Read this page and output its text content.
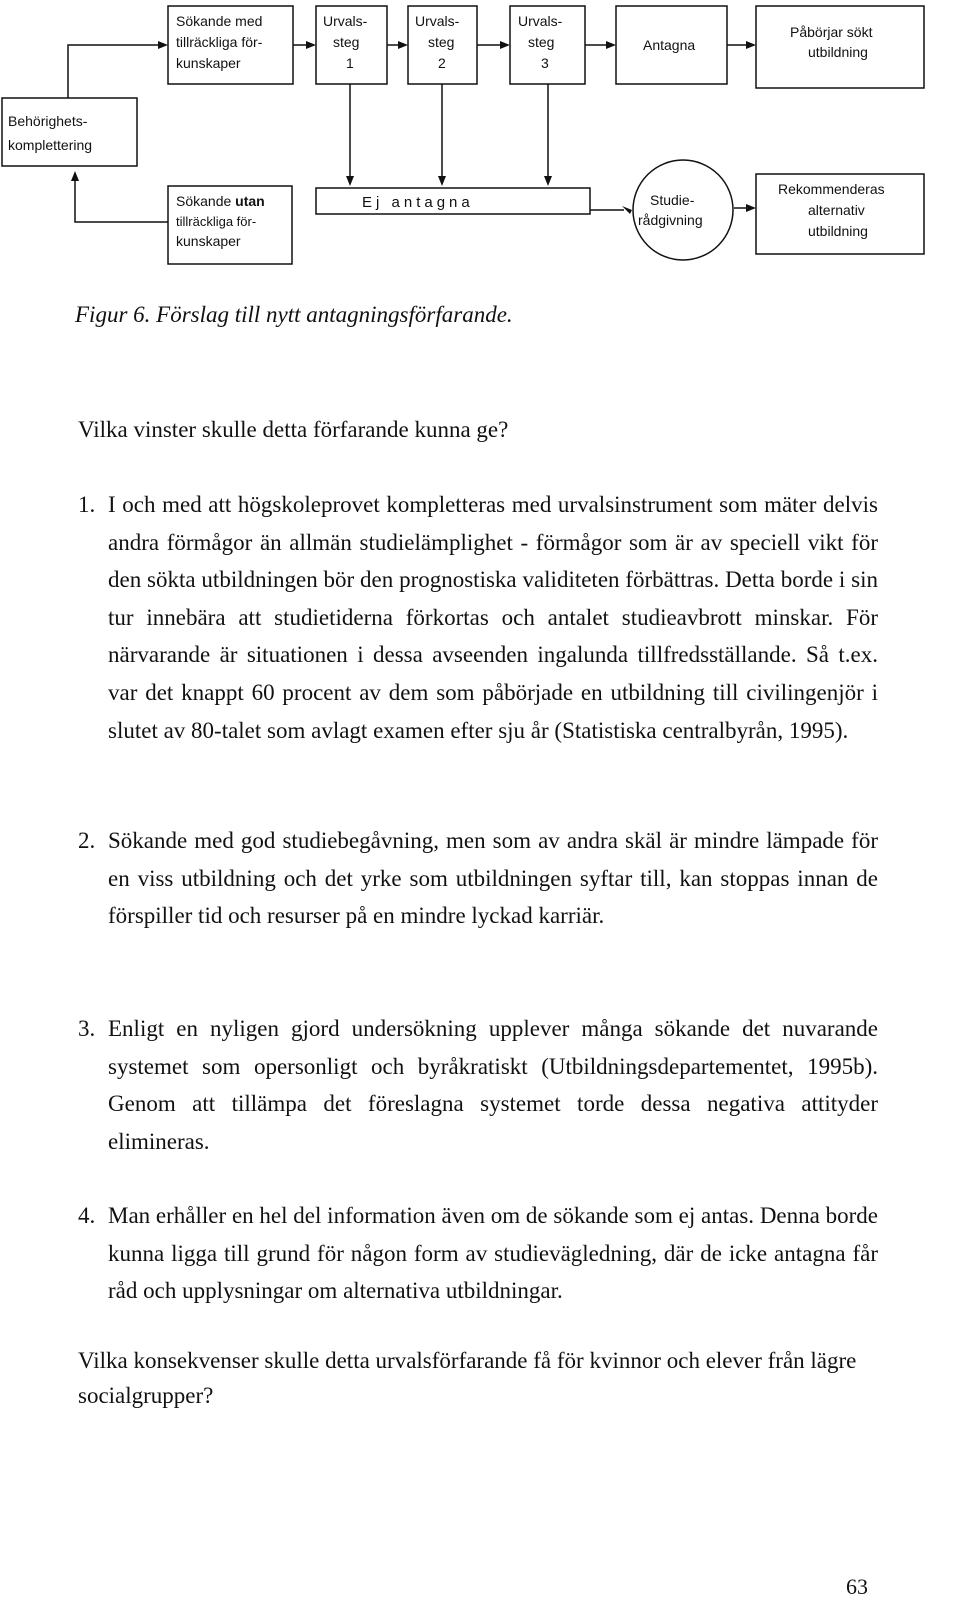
Sökande med
tillräckliga för-
kunskaper
Urvals-
steg
1
Urvals-
steg
2
Urvals-
steg
3
Antagna
Påbörjar sökt
utbildning
Behörighets-
komplettering
Sökande utan
tillräckliga för-
kunskaper
Ej antagna	Studie-
rådgivning
Rekommenderas
alternativ
utbildning

Figur 6. Förslag till nytt antagningsförfarande.

Vilka vinster skulle detta förfarande kunna ge?

1. I och med att högskoleprovet kompletteras med urvalsinstrument som mäter delvis andra förmågor än allmän studielämplighet - förmågor som är av speciell vikt för den sökta utbildningen bör den prognostiska validiteten förbättras. Detta borde i sin tur innebära att studietiderna förkortas och antalet studieavbrott minskar. För närvarande är situationen i dessa avseenden ingalunda tillfredsställande. Så t.ex. var det knappt 60 procent av dem som påbörjade en utbildning till civilingenjör i slutet av 80-talet som avlagt examen efter sju år (Statistiska centralbyrån, 1995).
2. Sökande med god studiebegåvning, men som av andra skäl är mindre lämpade för en viss utbildning och det yrke som utbildningen syftar till, kan stoppas innan de förspiller tid och resurser på en mindre lyckad karriär.
3. Enligt en nyligen gjord undersökning upplever många sökande det nuvarande systemet som opersonligt och byråkratiskt (Utbildningsdepartementet, 1995b). Genom att tillämpa det föreslagna systemet torde dessa negativa attityder elimineras.
4. Man erhåller en hel del information även om de sökande som ej antas. Denna borde kunna ligga till grund för någon form av studievägledning, där de icke antagna får råd och upplysningar om alternativa utbildningar.

Vilka konsekvenser skulle detta urvalsförfarande få för kvinnor och elever från lägre socialgrupper?

63
